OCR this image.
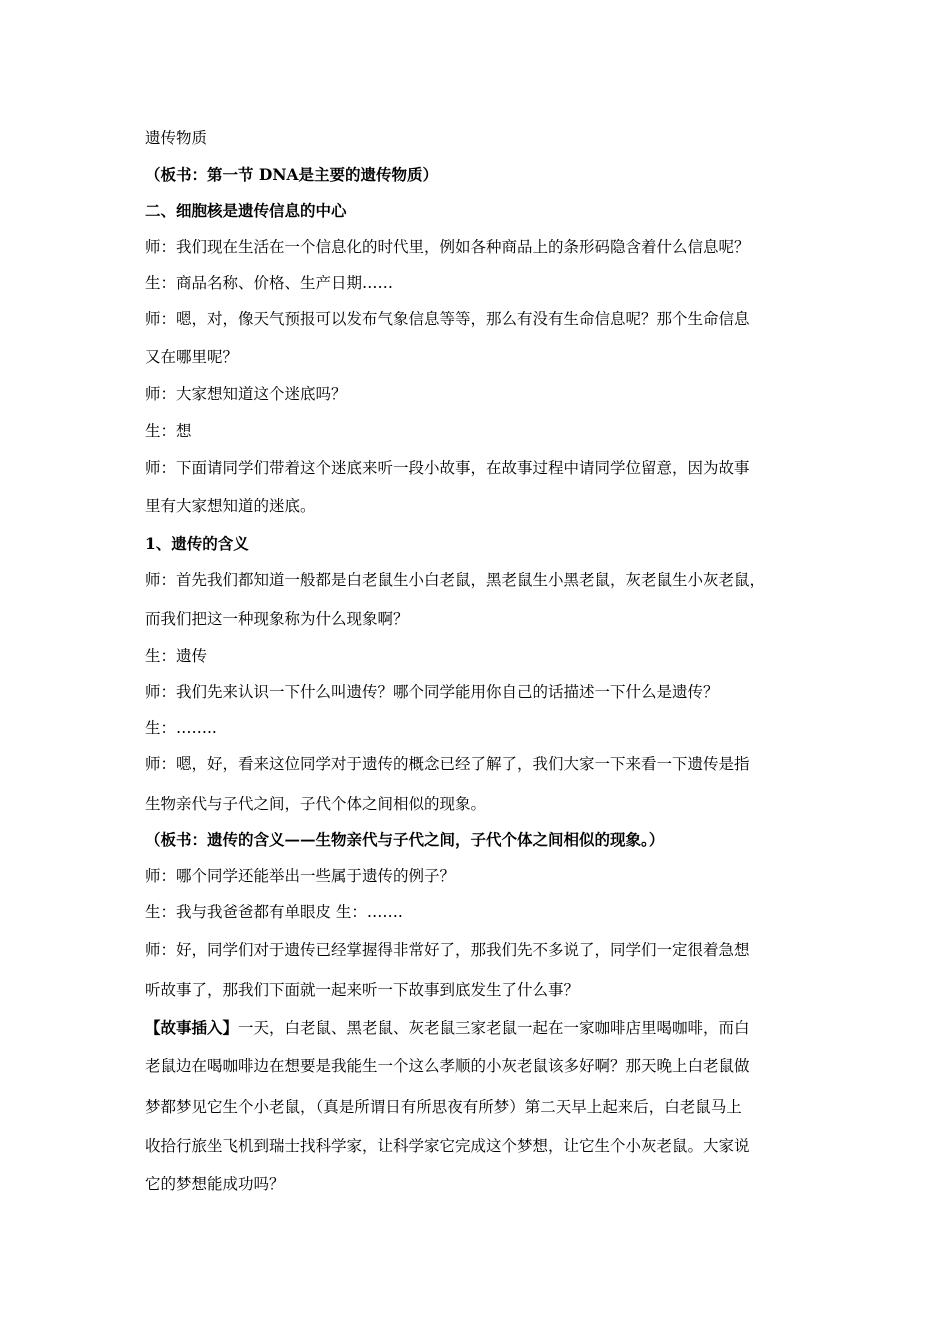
遗传物质
（板书：第一节 DNA是主要的遗传物质）
二、细胞核是遗传信息的中心
师：我们现在生活在一个信息化的时代里，例如各种商品上的条形码隐含着什么信息呢？
生：商品名称、价格、生产日期……
师：嗯，对，像天气预报可以发布气象信息等等，那么有没有生命信息呢？那个生命信息
又在哪里呢？
师：大家想知道这个迷底吗？
生：想
师：下面请同学们带着这个迷底来听一段小故事，在故事过程中请同学位留意，因为故事
里有大家想知道的迷底。
1、遗传的含义
师：首先我们都知道一般都是白老鼠生小白老鼠，黑老鼠生小黑老鼠，灰老鼠生小灰老鼠，
而我们把这一种现象称为什么现象啊？
生：遗传
师：我们先来认识一下什么叫遗传？哪个同学能用你自己的话描述一下什么是遗传？
生：……..
师：嗯，好，看来这位同学对于遗传的概念已经了解了，我们大家一下来看一下遗传是指
生物亲代与子代之间，子代个体之间相似的现象。
（板书：遗传的含义——生物亲代与子代之间，子代个体之间相似的现象。）
师：哪个同学还能举出一些属于遗传的例子？
生：我与我爸爸都有单眼皮 生：…….
师：好，同学们对于遗传已经掌握得非常好了，那我们先不多说了，同学们一定很着急想
听故事了，那我们下面就一起来听一下故事到底发生了什么事？
【故事插入】一天，白老鼠、黑老鼠、灰老鼠三家老鼠一起在一家咖啡店里喝咖啡，而白
老鼠边在喝咖啡边在想要是我能生一个这么孝顺的小灰老鼠该多好啊？那天晚上白老鼠做
梦都梦见它生个小老鼠，（真是所谓日有所思夜有所梦）第二天早上起来后，白老鼠马上
收拾行旅坐飞机到瑞士找科学家，让科学家它完成这个梦想，让它生个小灰老鼠。大家说
它的梦想能成功吗？
